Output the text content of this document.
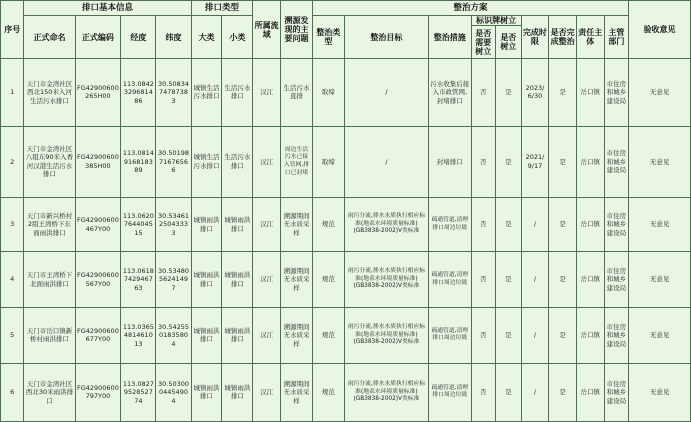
序号	排口基本信息				排口类型		所属流域	溯源发现的主要问题	整治方案									验收意见
	正式命名	正式编码	经度	纬度	大类	小类			整治类型	整治目标	整治措施	标识牌树立		完成时限	是否完成整治	责任主体	主管部门	
												是否需要树立	是否树立					
1	天门市金湾社区西北150米入河生活污水排口	FG42900600265H00	113.0842329681486	30.5083474787383	城镇生活污水排口	生活污水排口	汉江	生活污水直排	取缔	/	污水收集后接入市政管网,封堵排口	否	是	2023/6/30	是	岳口镇	市住房和城乡建设局	无意见
2	天门市金湾社区八组东90米入香河汉港生活污水排口	FG42900600385H00	113.0814916818389	30.5019871676566	城镇生活污水排口	生活污水排口	汉江	周边生活污水已接入管网,排口已封堵	取缔	/	封堵排口	否	是	2021/9/17	是	岳口镇	市住房和城乡建设局	无意见
3	天门市新兴桥村2组王湾桥下东面雨洪排口	FG42900600467Y00	113.0620764404515	30.5346125043333	城镇雨洪排口	城镇雨洪排口	汉江	溯源期间无水质采样	规范	雨污分流,排水水质执行相应标准(地表水环境质量标准)(GB3838-2002)V类标准	疏通管道,清理排口周边垃圾	否	是	/	是	岳口镇	市住房和城乡建设局	无意见
4	天门市王湾桥下北面雨洪排口	FG42900600567Y00	113.0618742946763	30.5348056241497	城镇雨洪排口	城镇雨洪排口	汉江	溯源期间无水质采样	规范	雨污分流,排水水质执行相应标准(地表水环境质量标准)(GB3838-2002)V类标准	疏通管道,清理排口周边垃圾	否	是	/	是	岳口镇	市住房和城乡建设局	无意见
5	天门市岳口镇新桥村雨洪排口	FG42900600677Y00	113.0365481461013	30.5425501835804	城镇雨洪排口	城镇雨洪排口	汉江	溯源期间无水质采样	规范	雨污分流,排水水质执行相应标准(地表水环境质量标准)(GB3838-2002)V类标准	疏通管道,清理排口周边垃圾	否	是	/	是	岳口镇	市住房和城乡建设局	无意见
6	天门市金湾社区西北30米雨洪排口	FG42900600797Y00	113.0827952852774	30.5030004454904	城镇雨洪排口	城镇雨洪排口	汉江	溯源期间无水质采样	规范	雨污分流,排水水质执行相应标准(地表水环境质量标准)(GB3838-2002)V类标准	疏通管道,清理排口周边垃圾	否	是	/	是	岳口镇	市住房和城乡建设局	无意见
